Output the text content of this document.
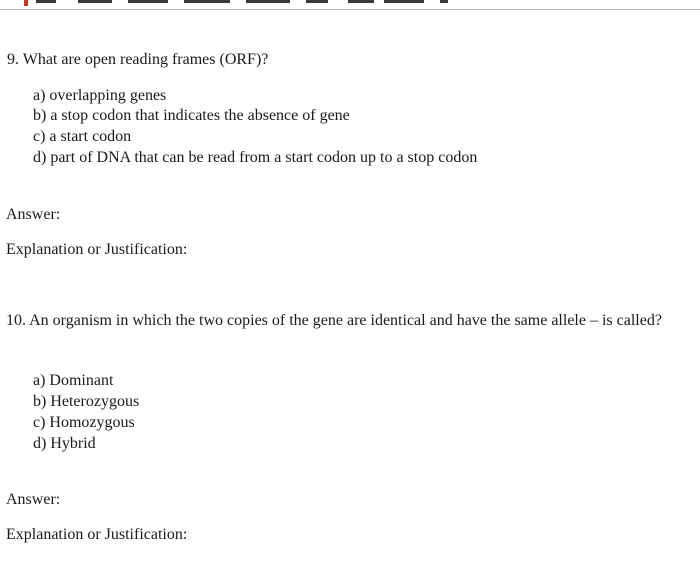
9. What are open reading frames (ORF)?
a) overlapping genes
b) a stop codon that indicates the absence of gene
c) a start codon
d) part of DNA that can be read from a start codon up to a stop codon
Answer:
Explanation or Justification:
10. An organism in which the two copies of the gene are identical and have the same allele – is called?
a) Dominant
b) Heterozygous
c) Homozygous
d) Hybrid
Answer:
Explanation or Justification:
